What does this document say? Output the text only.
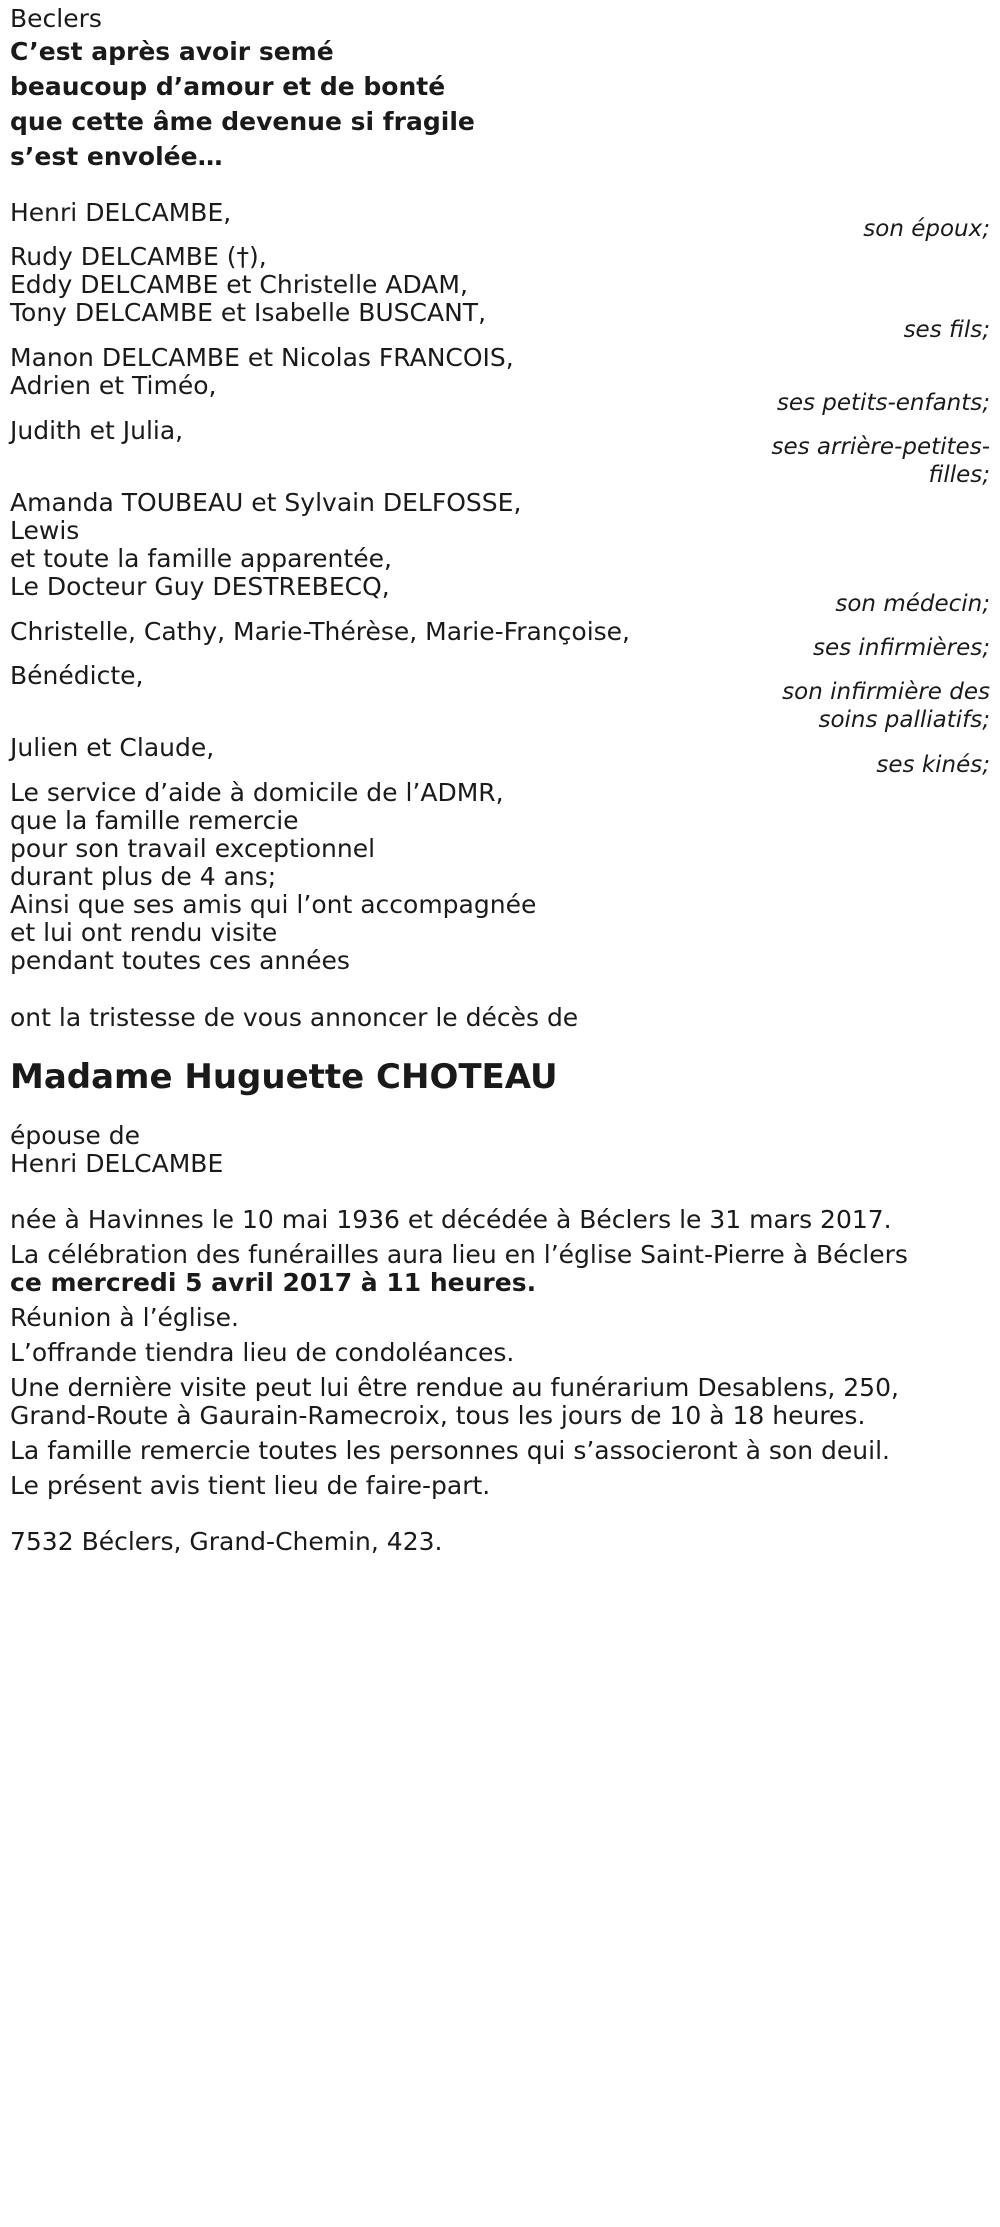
Beclers
C’est après avoir semé
beaucoup d’amour et de bonté
que cette âme devenue si fragile
s’est envolée…
Henri DELCAMBE,
son époux;
Rudy DELCAMBE (†),
Eddy DELCAMBE et Christelle ADAM,
Tony DELCAMBE et Isabelle BUSCANT,
ses fils;
Manon DELCAMBE et Nicolas FRANCOIS,
Adrien et Timéo,
ses petits-enfants;
Judith et Julia,
ses arrière-petites-
filles;
Amanda TOUBEAU et Sylvain DELFOSSE,
Lewis
et toute la famille apparentée,
Le Docteur Guy DESTREBECQ,
son médecin;
Christelle, Cathy, Marie-Thérèse, Marie-Françoise,
ses infirmières;
Bénédicte,
son infirmière des
soins palliatifs;
Julien et Claude,
ses kinés;
Le service d’aide à domicile de l’ADMR,
que la famille remercie
pour son travail exceptionnel
durant plus de 4 ans;
Ainsi que ses amis qui l’ont accompagnée
et lui ont rendu visite
pendant toutes ces années
ont la tristesse de vous annoncer le décès de
Madame Huguette CHOTEAU
épouse de
Henri DELCAMBE
née à Havinnes le 10 mai 1936 et décédée à Béclers le 31 mars 2017.
La célébration des funérailles aura lieu en l’église Saint-Pierre à Béclers
ce mercredi 5 avril 2017 à 11 heures.
Réunion à l’église.
L’offrande tiendra lieu de condoléances.
Une dernière visite peut lui être rendue au funérarium Desablens, 250,
Grand-Route à Gaurain-Ramecroix, tous les jours de 10 à 18 heures.
La famille remercie toutes les personnes qui s’associeront à son deuil.
Le présent avis tient lieu de faire-part.
7532 Béclers, Grand-Chemin, 423.
